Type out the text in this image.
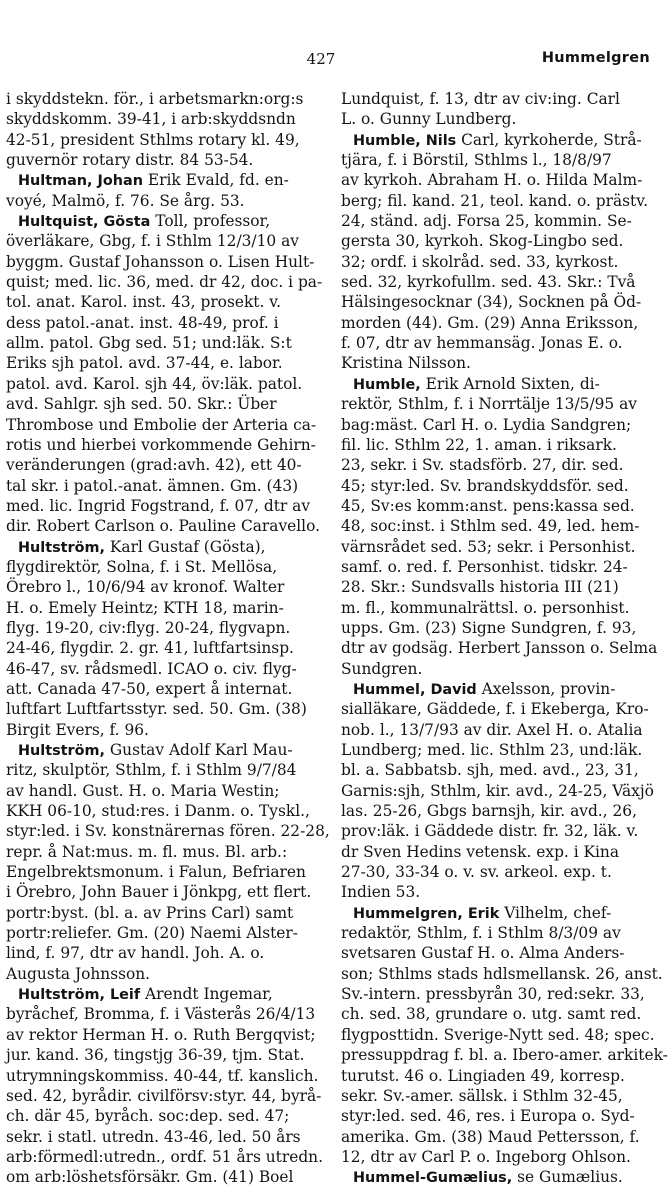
427	Hummelgren
i skyddstekn. för., i arbetsmarkn:org:s
skyddskomm. 39-41, i arb:skyddsndn
42-51, president Sthlms rotary kl. 49,
guvernör rotary distr. 84 53-54.
Hultman, Johan Erik Evald, fd. en-
voyé, Malmö, f. 76. Se årg. 53.
Hultquist, Gösta Toll, professor,
överläkare, Gbg, f. i Sthlm 12/3/10 av
byggm. Gustaf Johansson o. Lisen Hult-
quist; med. lic. 36, med. dr 42, doc. i pa-
tol. anat. Karol. inst. 43, prosekt. v.
dess patol.-anat. inst. 48-49, prof. i
allm. patol. Gbg sed. 51; und:läk. S:t
Eriks sjh patol. avd. 37-44, e. labor.
patol. avd. Karol. sjh 44, öv:läk. patol.
avd. Sahlgr. sjh sed. 50. Skr.: Über
Thrombose und Embolie der Arteria ca-
rotis und hierbei vorkommende Gehirn-
veränderungen (grad:avh. 42), ett 40-
tal skr. i patol.-anat. ämnen. Gm. (43)
med. lic. Ingrid Fogstrand, f. 07, dtr av
dir. Robert Carlson o. Pauline Caravello.
Hultström, Karl Gustaf (Gösta),
flygdirektör, Solna, f. i St. Mellösa,
Örebro l., 10/6/94 av kronof. Walter
H. o. Emely Heintz; KTH 18, marin-
flyg. 19-20, civ:flyg. 20-24, flygvapn.
24-46, flygdir. 2. gr. 41, luftfartsinsp.
46-47, sv. rådsmedl. ICAO o. civ. flyg-
att. Canada 47-50, expert å internat.
luftfart Luftfartsstyr. sed. 50. Gm. (38)
Birgit Evers, f. 96.
Hultström, Gustav Adolf Karl Mau-
ritz, skulptör, Sthlm, f. i Sthlm 9/7/84
av handl. Gust. H. o. Maria Westin;
KKH 06-10, stud:res. i Danm. o. Tyskl.,
styr:led. i Sv. konstnärernas fören. 22-28,
repr. å Nat:mus. m. fl. mus. Bl. arb.:
Engelbrektsmonum. i Falun, Befriaren
i Örebro, John Bauer i Jönkpg, ett flert.
portr:byst. (bl. a. av Prins Carl) samt
portr:reliefer. Gm. (20) Naemi Alster-
lind, f. 97, dtr av handl. Joh. A. o.
Augusta Johnsson.
Hultström, Leif Arendt Ingemar,
byråchef, Bromma, f. i Västerås 26/4/13
av rektor Herman H. o. Ruth Bergqvist;
jur. kand. 36, tingstjg 36-39, tjm. Stat.
utrymningskommiss. 40-44, tf. kanslich.
sed. 42, byrådir. civilförsv:styr. 44, byrå-
ch. där 45, byråch. soc:dep. sed. 47;
sekr. i statl. utredn. 43-46, led. 50 års
arb:förmedl:utredn., ordf. 51 års utredn.
om arb:löshetsförsäkr. Gm. (41) Boel
Lundquist, f. 13, dtr av civ:ing. Carl
L. o. Gunny Lundberg.
Humble, Nils Carl, kyrkoherde, Strå-
tjära, f. i Börstil, Sthlms l., 18/8/97
av kyrkoh. Abraham H. o. Hilda Malm-
berg; fil. kand. 21, teol. kand. o. prästv.
24, ständ. adj. Forsa 25, kommin. Se-
gersta 30, kyrkoh. Skog-Lingbo sed.
32; ordf. i skolråd. sed. 33, kyrkost.
sed. 32, kyrkofullm. sed. 43. Skr.: Två
Hälsingesocknar (34), Socknen på Öd-
morden (44). Gm. (29) Anna Eriksson,
f. 07, dtr av hemmansäg. Jonas E. o.
Kristina Nilsson.
Humble, Erik Arnold Sixten, di-
rektör, Sthlm, f. i Norrtälje 13/5/95 av
bag:mäst. Carl H. o. Lydia Sandgren;
fil. lic. Sthlm 22, 1. aman. i riksark.
23, sekr. i Sv. stadsförb. 27, dir. sed.
45; styr:led. Sv. brandskyddsför. sed.
45, Sv:es komm:anst. pens:kassa sed.
48, soc:inst. i Sthlm sed. 49, led. hem-
värnsrådet sed. 53; sekr. i Personhist.
samf. o. red. f. Personhist. tidskr. 24-
28. Skr.: Sundsvalls historia III (21)
m. fl., kommunalrättsl. o. personhist.
upps. Gm. (23) Signe Sundgren, f. 93,
dtr av godsäg. Herbert Jansson o. Selma
Sundgren.
Hummel, David Axelsson, provin-
sialläkare, Gäddede, f. i Ekeberga, Kro-
nob. l., 13/7/93 av dir. Axel H. o. Atalia
Lundberg; med. lic. Sthlm 23, und:läk.
bl. a. Sabbatsb. sjh, med. avd., 23, 31,
Garnis:sjh, Sthlm, kir. avd., 24-25, Växjö
las. 25-26, Gbgs barnsjh, kir. avd., 26,
prov:läk. i Gäddede distr. fr. 32, läk. v.
dr Sven Hedins vetensk. exp. i Kina
27-30, 33-34 o. v. sv. arkeol. exp. t.
Indien 53.
Hummelgren, Erik Vilhelm, chef-
redaktör, Sthlm, f. i Sthlm 8/3/09 av
svetsaren Gustaf H. o. Alma Anders-
son; Sthlms stads hdlsmellansk. 26, anst.
Sv.-intern. pressbyrån 30, red:sekr. 33,
ch. sed. 38, grundare o. utg. samt red.
flygposttidn. Sverige-Nytt sed. 48; spec.
pressuppdrag f. bl. a. Ibero-amer. arkitek-
turutst. 46 o. Lingiaden 49, korresp.
sekr. Sv.-amer. sällsk. i Sthlm 32-45,
styr:led. sed. 46, res. i Europa o. Syd-
amerika. Gm. (38) Maud Pettersson, f.
12, dtr av Carl P. o. Ingeborg Ohlson.
Hummel-Gumælius, se Gumælius.
